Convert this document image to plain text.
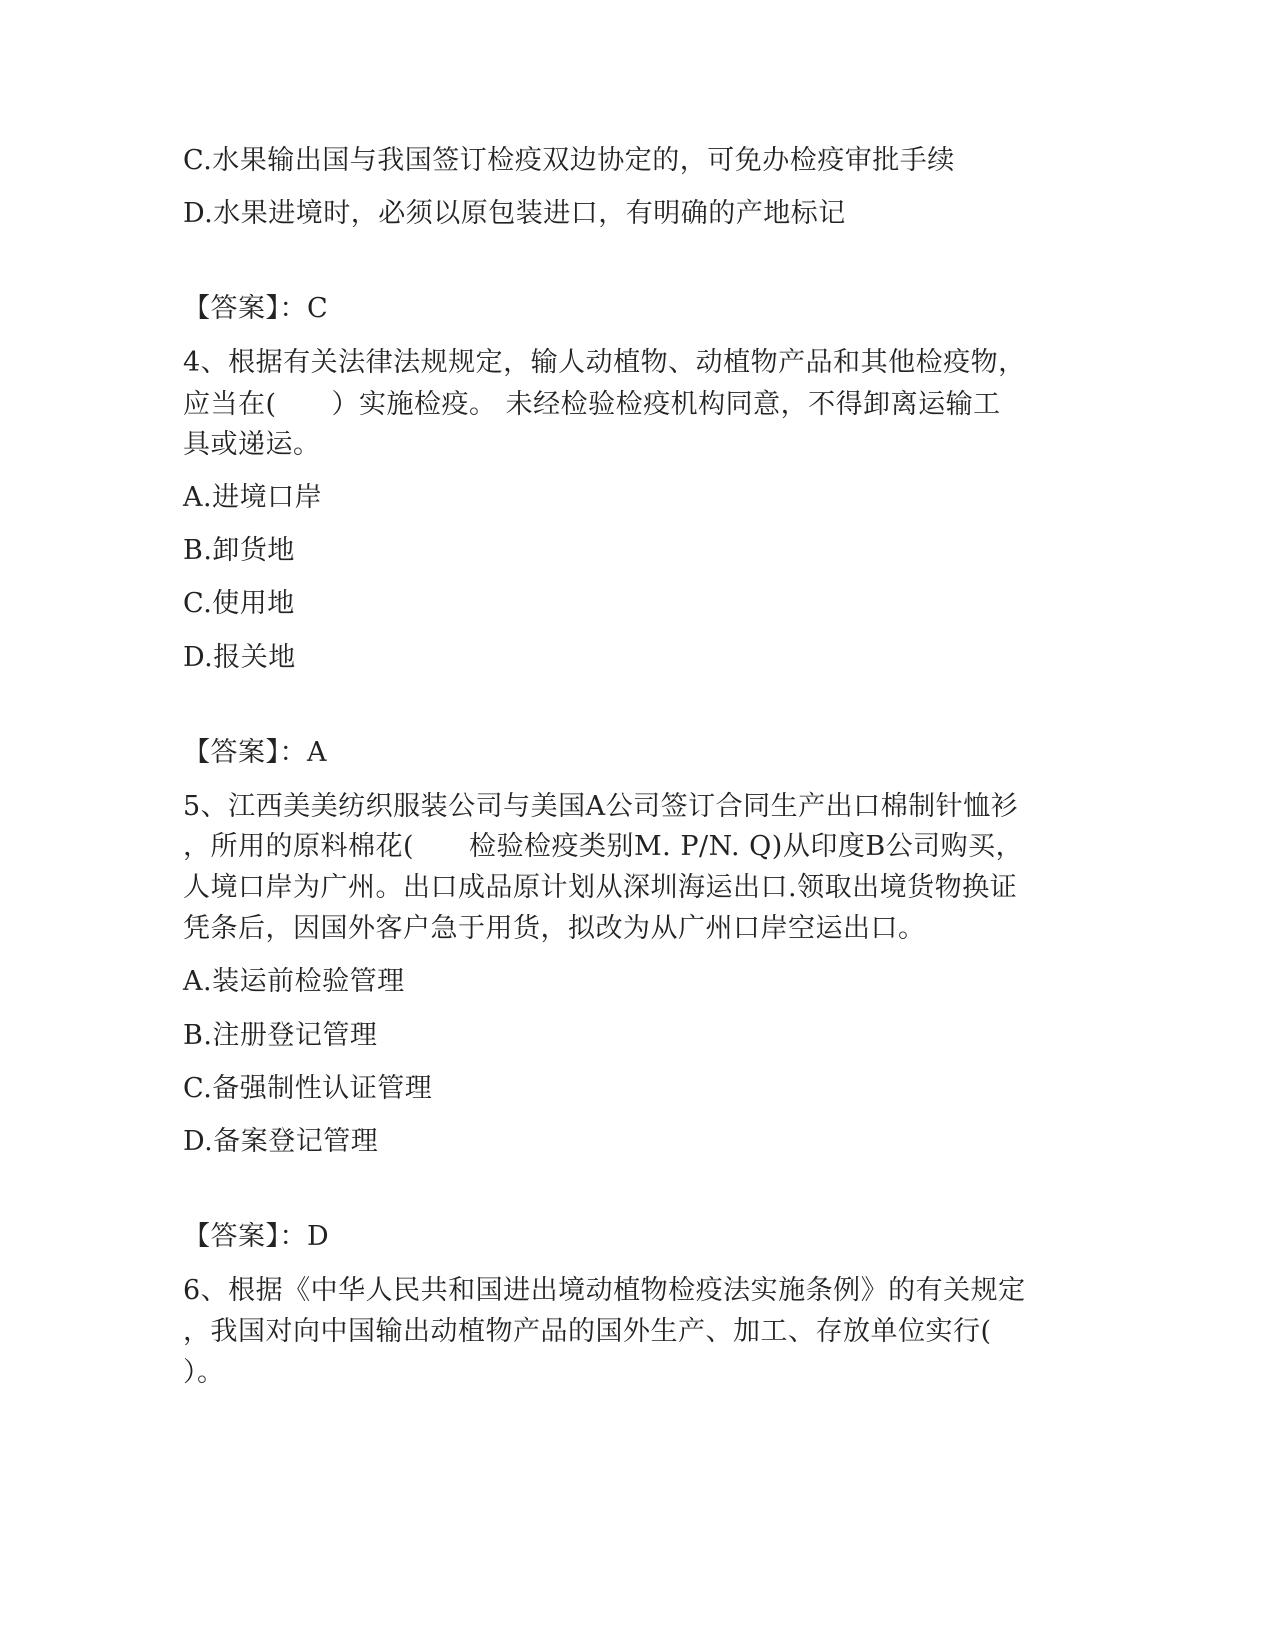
C.水果输出国与我国签订检疫双边协定的，可免办检疫审批手续
D.水果进境时，必须以原包装进口，有明确的产地标记
【答案】：C
4、根据有关法律法规规定，输人动植物、动植物产品和其他检疫物，
应当在(　　）实施检疫。 未经检验检疫机构同意，不得卸离运输工
具或递运。
A.进境口岸
B.卸货地
C.使用地
D.报关地
【答案】：A
5、江西美美纺织服装公司与美国A公司签订合同生产出口棉制针恤衫
，所用的原料棉花(　　检验检疫类别M. P/N. Q)从印度B公司购买，
人境口岸为广州。出口成品原计划从深圳海运出口.领取出境货物换证
凭条后，因国外客户急于用货，拟改为从广州口岸空运出口。
A.装运前检验管理
B.注册登记管理
C.备强制性认证管理
D.备案登记管理
【答案】：D
6、根据《中华人民共和国进出境动植物检疫法实施条例》的有关规定
，我国对向中国输出动植物产品的国外生产、加工、存放单位实行(
）。
